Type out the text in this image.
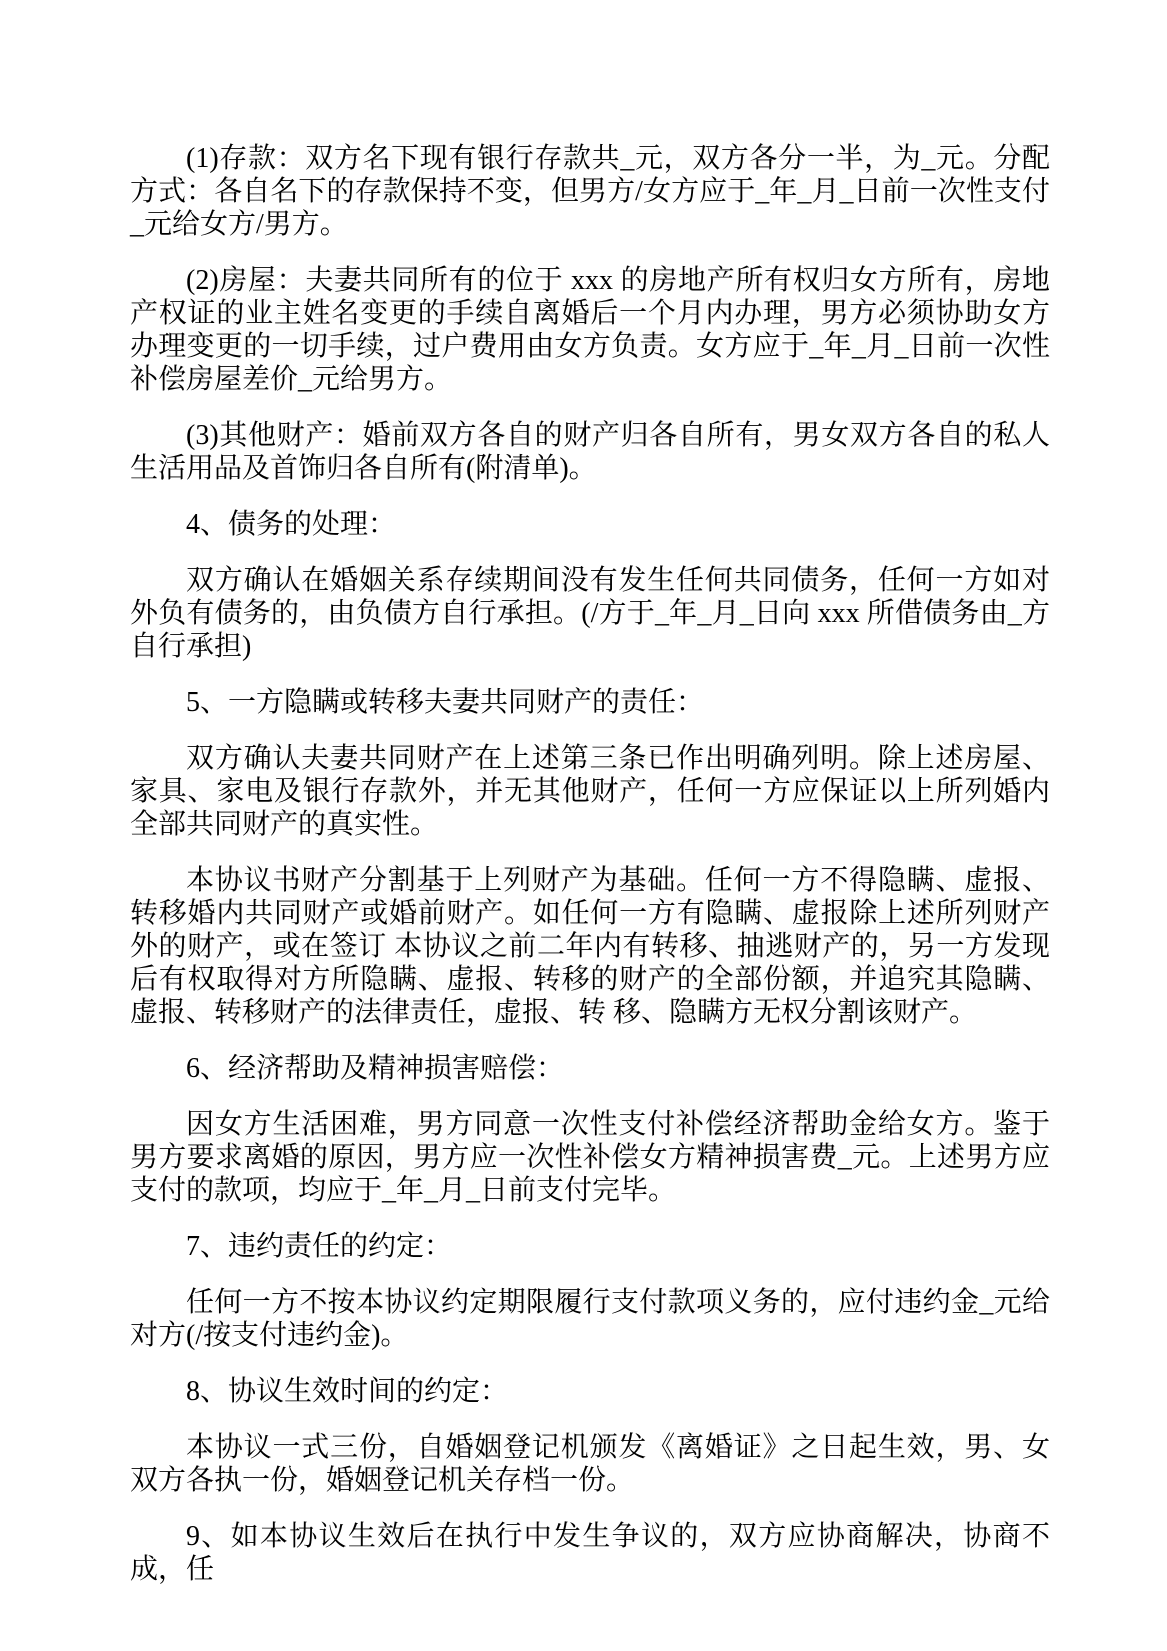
(1)存款：双方名下现有银行存款共_元，双方各分一半，为_元。分配方式：各自名下的存款保持不变，但男方/女方应于_年_月_日前一次性支付_元给女方/男方。

(2)房屋：夫妻共同所有的位于 xxx 的房地产所有权归女方所有，房地产权证的业主姓名变更的手续自离婚后一个月内办理，男方必须协助女方办理变更的一切手续，过户费用由女方负责。女方应于_年_月_日前一次性补偿房屋差价_元给男方。

(3)其他财产：婚前双方各自的财产归各自所有，男女双方各自的私人生活用品及首饰归各自所有(附清单)。

4、债务的处理：

双方确认在婚姻关系存续期间没有发生任何共同债务，任何一方如对外负有债务的，由负债方自行承担。(/方于_年_月_日向 xxx 所借债务由_方自行承担)

5、一方隐瞒或转移夫妻共同财产的责任：

双方确认夫妻共同财产在上述第三条已作出明确列明。除上述房屋、家具、家电及银行存款外，并无其他财产，任何一方应保证以上所列婚内全部共同财产的真实性。

本协议书财产分割基于上列财产为基础。任何一方不得隐瞒、虚报、转移婚内共同财产或婚前财产。如任何一方有隐瞒、虚报除上述所列财产外的财产，或在签订 本协议之前二年内有转移、抽逃财产的，另一方发现后有权取得对方所隐瞒、虚报、转移的财产的全部份额，并追究其隐瞒、虚报、转移财产的法律责任，虚报、转 移、隐瞒方无权分割该财产。

6、经济帮助及精神损害赔偿：

因女方生活困难，男方同意一次性支付补偿经济帮助金给女方。鉴于男方要求离婚的原因，男方应一次性补偿女方精神损害费_元。上述男方应支付的款项，均应于_年_月_日前支付完毕。

7、违约责任的约定：

任何一方不按本协议约定期限履行支付款项义务的，应付违约金_元给对方(/按支付违约金)。

8、协议生效时间的约定：

本协议一式三份，自婚姻登记机颁发《离婚证》之日起生效，男、女双方各执一份，婚姻登记机关存档一份。

9、如本协议生效后在执行中发生争议的，双方应协商解决，协商不成，任
